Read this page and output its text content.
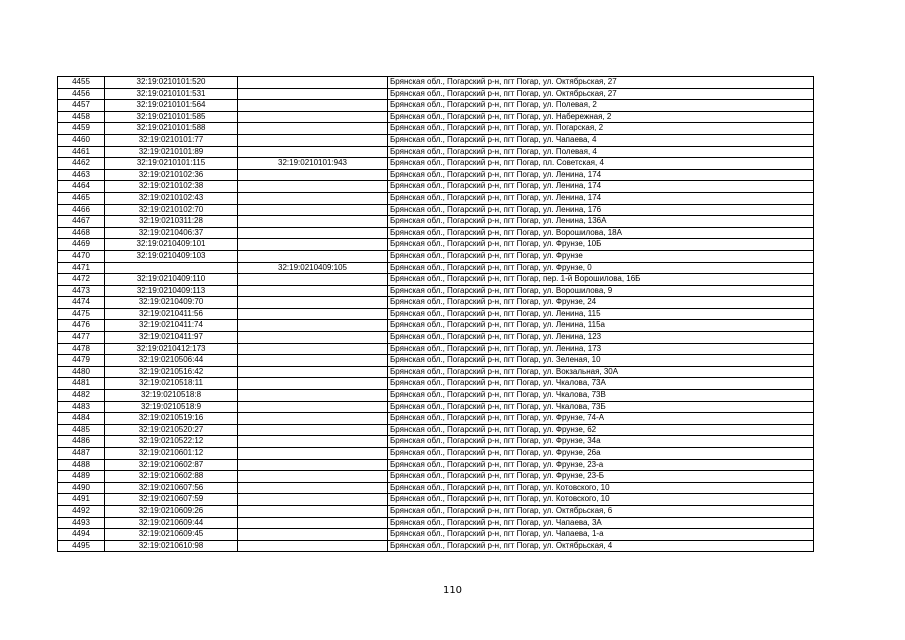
4455	32:19:0210101:520		Брянская обл., Погарский р-н, пгт Погар, ул. Октябрьская, 27
4456	32:19:0210101:531		Брянская обл., Погарский р-н, пгт Погар, ул. Октябрьская, 27
4457	32:19:0210101:564		Брянская обл., Погарский р-н, пгт Погар, ул. Полевая, 2
4458	32:19:0210101:585		Брянская обл., Погарский р-н, пгт Погар, ул. Набережная, 2
4459	32:19:0210101:588		Брянская обл., Погарский р-н, пгт Погар, ул. Погарская, 2
4460	32:19:0210101:77		Брянская обл., Погарский р-н, пгт Погар, ул. Чапаева, 4
4461	32:19:0210101:89		Брянская обл., Погарский р-н, пгт Погар, ул. Полевая, 4
4462	32:19:0210101:115	32:19:0210101:943	Брянская обл., Погарский р-н, пгт Погар, пл. Советская, 4
4463	32:19:0210102:36		Брянская обл., Погарский р-н, пгт Погар, ул. Ленина, 174
4464	32:19:0210102:38		Брянская обл., Погарский р-н, пгт Погар, ул. Ленина, 174
4465	32:19:0210102:43		Брянская обл., Погарский р-н, пгт Погар, ул. Ленина, 174
4466	32:19:0210102:70		Брянская обл., Погарский р-н, пгт Погар, ул. Ленина, 176
4467	32:19:0210311:28		Брянская обл., Погарский р-н, пгт Погар, ул. Ленина, 136А
4468	32:19:0210406:37		Брянская обл., Погарский р-н, пгт Погар, ул. Ворошилова, 18А
4469	32:19:0210409:101		Брянская обл., Погарский р-н, пгт Погар, ул. Фрунзе, 10Б
4470	32:19:0210409:103		Брянская обл., Погарский р-н, пгт Погар, ул. Фрунзе
4471		32:19:0210409:105	Брянская обл., Погарский р-н, пгт Погар, ул. Фрунзе, 0
4472	32:19:0210409:110		Брянская обл., Погарский р-н, пгт Погар, пер. 1-й Ворошилова, 16Б
4473	32:19:0210409:113		Брянская обл., Погарский р-н, пгт Погар, ул. Ворошилова, 9
4474	32:19:0210409:70		Брянская обл., Погарский р-н, пгт Погар, ул. Фрунзе, 24
4475	32:19:0210411:56		Брянская обл., Погарский р-н, пгт Погар, ул. Ленина, 115
4476	32:19:0210411:74		Брянская обл., Погарский р-н, пгт Погар, ул. Ленина, 115а
4477	32:19:0210411:97		Брянская обл., Погарский р-н, пгт Погар, ул. Ленина, 123
4478	32:19:0210412:173		Брянская обл., Погарский р-н, пгт Погар, ул. Ленина, 173
4479	32:19:0210506:44		Брянская обл., Погарский р-н, пгт Погар, ул. Зеленая, 10
4480	32:19:0210516:42		Брянская обл., Погарский р-н, пгт Погар, ул. Вокзальная, 30А
4481	32:19:0210518:11		Брянская обл., Погарский р-н, пгт Погар, ул. Чкалова, 73А
4482	32:19:0210518:8		Брянская обл., Погарский р-н, пгт Погар, ул. Чкалова, 73В
4483	32:19:0210518:9		Брянская обл., Погарский р-н, пгт Погар, ул. Чкалова, 73Б
4484	32:19:0210519:16		Брянская обл., Погарский р-н, пгт Погар, ул. Фрунзе, 74-А
4485	32:19:0210520:27		Брянская обл., Погарский р-н, пгт Погар, ул. Фрунзе, 62
4486	32:19:0210522:12		Брянская обл., Погарский р-н, пгт Погар, ул. Фрунзе, 34а
4487	32:19:0210601:12		Брянская обл., Погарский р-н, пгт Погар, ул. Фрунзе, 26а
4488	32:19:0210602:87		Брянская обл., Погарский р-н, пгт Погар, ул. Фрунзе, 23-а
4489	32:19:0210602:88		Брянская обл., Погарский р-н, пгт Погар, ул. Фрунзе, 23-Б
4490	32:19:0210607:56		Брянская обл., Погарский р-н, пгт Погар, ул. Котовского, 10
4491	32:19:0210607:59		Брянская обл., Погарский р-н, пгт Погар, ул. Котовского, 10
4492	32:19:0210609:26		Брянская обл., Погарский р-н, пгт Погар, ул. Октябрьская, 6
4493	32:19:0210609:44		Брянская обл., Погарский р-н, пгт Погар, ул. Чапаева, 3А
4494	32:19:0210609:45		Брянская обл., Погарский р-н, пгт Погар, ул. Чапаева, 1-а
4495	32:19:0210610:98		Брянская обл., Погарский р-н, пгт Погар, ул. Октябрьская, 4
110
